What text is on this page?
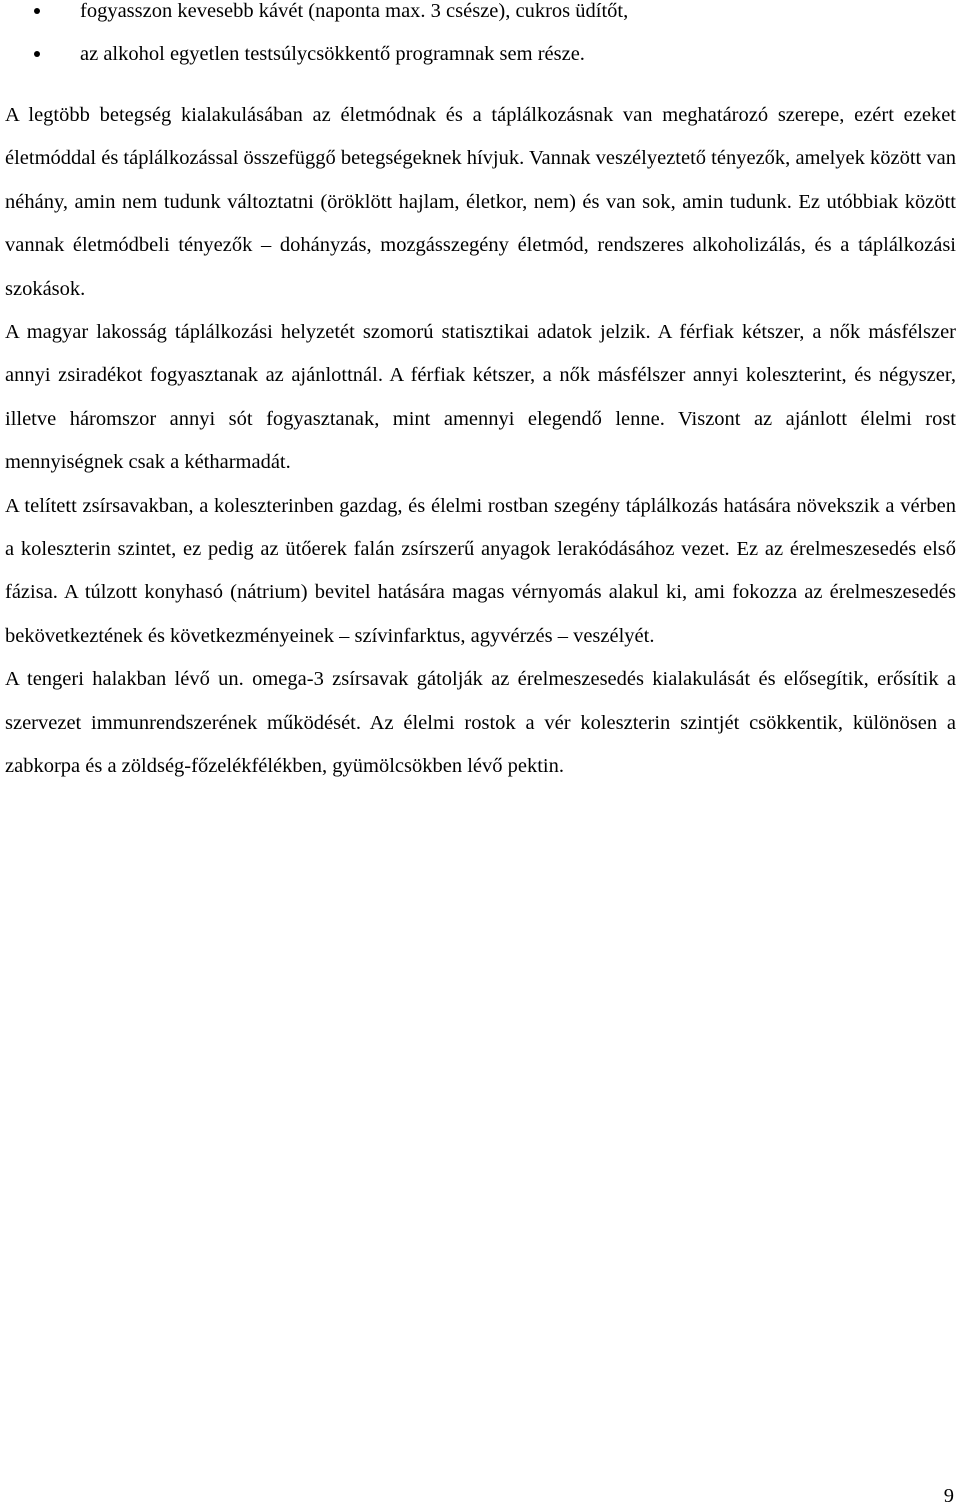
fogyasszon kevesebb kávét (naponta max. 3 csésze), cukros üdítőt,
az alkohol egyetlen testsúlycsökkentő programnak sem része.

A legtöbb betegség kialakulásában az életmódnak és a táplálkozásnak van meghatározó szerepe, ezért ezeket életmóddal és táplálkozással összefüggő betegségeknek hívjuk. Vannak veszélyeztető tényezők, amelyek között van néhány, amin nem tudunk változtatni (öröklött hajlam, életkor, nem) és van sok, amin tudunk. Ez utóbbiak között vannak életmódbeli tényezők – dohányzás, mozgásszegény életmód, rendszeres alkoholizálás, és a táplálkozási szokások.

A magyar lakosság táplálkozási helyzetét szomorú statisztikai adatok jelzik. A férfiak kétszer, a nők másfélszer annyi zsiradékot fogyasztanak az ajánlottnál. A férfiak kétszer, a nők másfélszer annyi koleszterint, és négyszer, illetve háromszor annyi sót fogyasztanak, mint amennyi elegendő lenne. Viszont az ajánlott élelmi rost mennyiségnek csak a kétharmadát.

A telített zsírsavakban, a koleszterinben gazdag, és élelmi rostban szegény táplálkozás hatására növekszik a vérben a koleszterin szintet, ez pedig az ütőerek falán zsírszerű anyagok lerakódásához vezet. Ez az érelmeszesedés első fázisa. A túlzott konyhasó (nátrium) bevitel hatására magas vérnyomás alakul ki, ami fokozza az érelmeszesedés bekövetkeztének és következményeinek – szívinfarktus, agyvérzés – veszélyét.

A tengeri halakban lévő un. omega-3 zsírsavak gátolják az érelmeszesedés kialakulását és elősegítik, erősítik a szervezet immunrendszerének működését. Az élelmi rostok a vér koleszterin szintjét csökkentik, különösen a zabkorpa és a zöldség-főzelékfélékben, gyümölcsökben lévő pektin.

9
